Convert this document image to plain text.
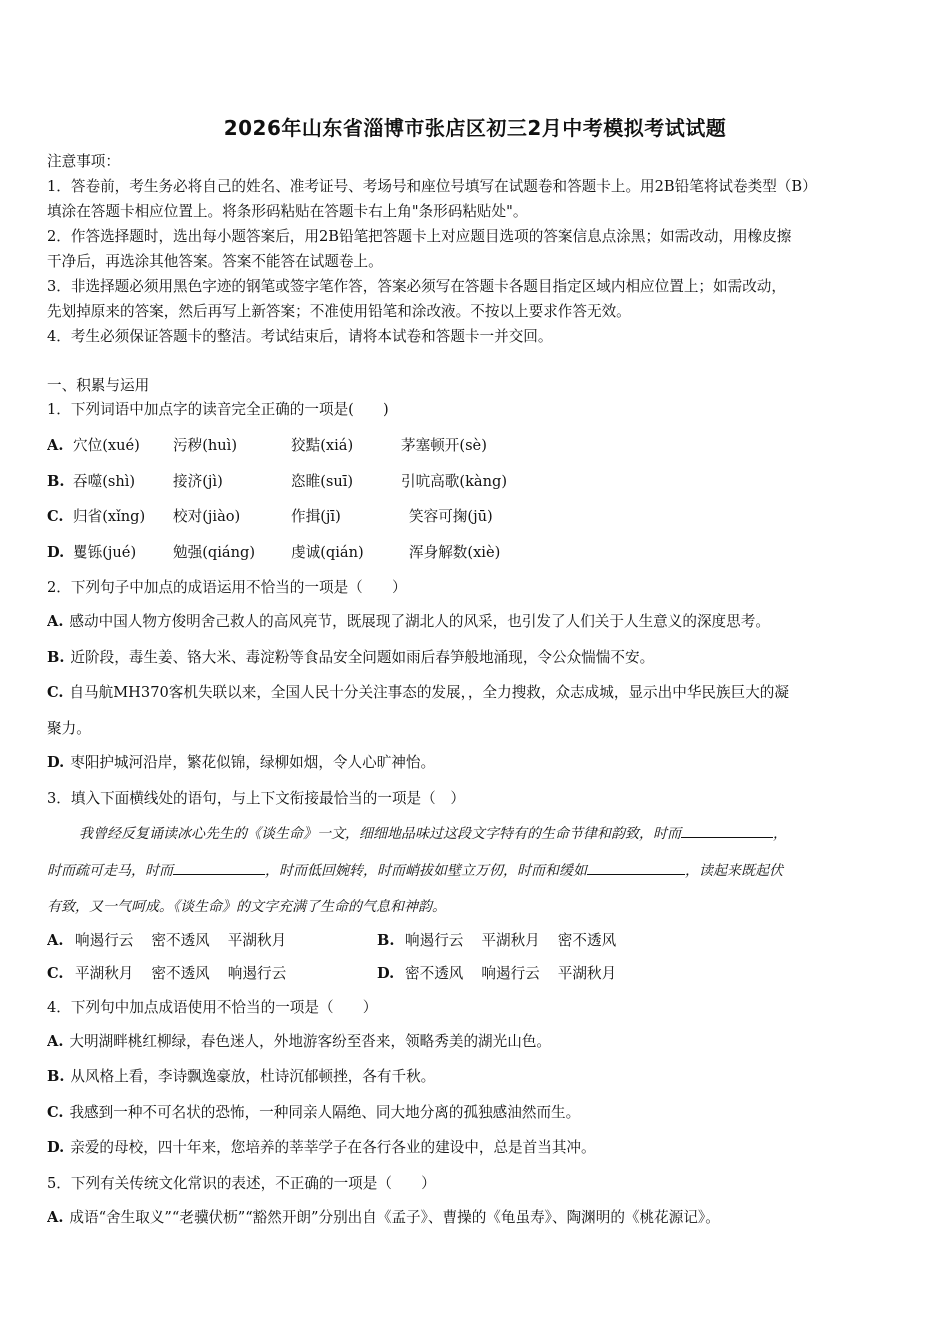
2026年山东省淄博市张店区初三2月中考模拟考试试题
注意事项：
1．答卷前，考生务必将自己的姓名、准考证号、考场号和座位号填写在试题卷和答题卡上。用2B铅笔将试卷类型（B）
填涂在答题卡相应位置上。将条形码粘贴在答题卡右上角"条形码粘贴处"。
2．作答选择题时，选出每小题答案后，用2B铅笔把答题卡上对应题目选项的答案信息点涂黑；如需改动，用橡皮擦
干净后，再选涂其他答案。答案不能答在试题卷上。
3．非选择题必须用黑色字迹的钢笔或签字笔作答，答案必须写在答题卡各题目指定区域内相应位置上；如需改动，
先划掉原来的答案，然后再写上新答案；不准使用铅笔和涂改液。不按以上要求作答无效。
4．考生必须保证答题卡的整洁。考试结束后，请将本试卷和答题卡一并交回。
一、积累与运用
1．下列词语中加点字的读音完全正确的一项是(　　)
A. 穴位(xué)	污秽(huì)	狡黠(xiá)	茅塞顿开(sè)
B. 吞噬(shì)	接济(jì)	恣睢(suī)	引吭高歌(kàng)
C. 归省(xǐng)	校对(jiào)	作揖(jī)	笑容可掬(jū)
D. 矍铄(jué)	勉强(qiáng)	虔诚(qián)	浑身解数(xiè)
2．下列句子中加点的成语运用不恰当的一项是（　　）
A. 感动中国人物方俊明舍己救人的高风亮节，既展现了湖北人的风采，也引发了人们关于人生意义的深度思考。
B. 近阶段，毒生姜、铬大米、毒淀粉等食品安全问题如雨后春笋般地涌现，令公众惴惴不安。
C. 自马航MH370客机失联以来，全国人民十分关注事态的发展，，全力搜救，众志成城，显示出中华民族巨大的凝
聚力。
D. 枣阳护城河沿岸，繁花似锦，绿柳如烟，令人心旷神怡。
3．填入下面横线处的语句，与上下文衔接最恰当的一项是（　）
我曾经反复诵读冰心先生的《谈生命》一文，细细地品味过这段文字特有的生命节律和韵致，时而	，
时而疏可走马，时而	，时而低回婉转，时而峭拔如壁立万仞，时而和缓如	，读起来既起伏
有致，又一气呵成。《谈生命》的文字充满了生命的气息和神韵。
A. 响遏行云 密不透风 平湖秋月	B. 响遏行云 平湖秋月 密不透风
C. 平湖秋月 密不透风 响遏行云	D. 密不透风 响遏行云 平湖秋月
4．下列句中加点成语使用不恰当的一项是（　　）
A. 大明湖畔桃红柳绿，春色迷人，外地游客纷至沓来，领略秀美的湖光山色。
B. 从风格上看，李诗飘逸豪放，杜诗沉郁顿挫，各有千秋。
C. 我感到一种不可名状的恐怖，一种同亲人隔绝、同大地分离的孤独感油然而生。
D. 亲爱的母校，四十年来，您培养的莘莘学子在各行各业的建设中，总是首当其冲。
5．下列有关传统文化常识的表述，不正确的一项是（　　）
A. 成语“舍生取义”“老骥伏枥”“豁然开朗”分别出自《孟子》、曹操的《龟虽寿》、陶渊明的《桃花源记》。
